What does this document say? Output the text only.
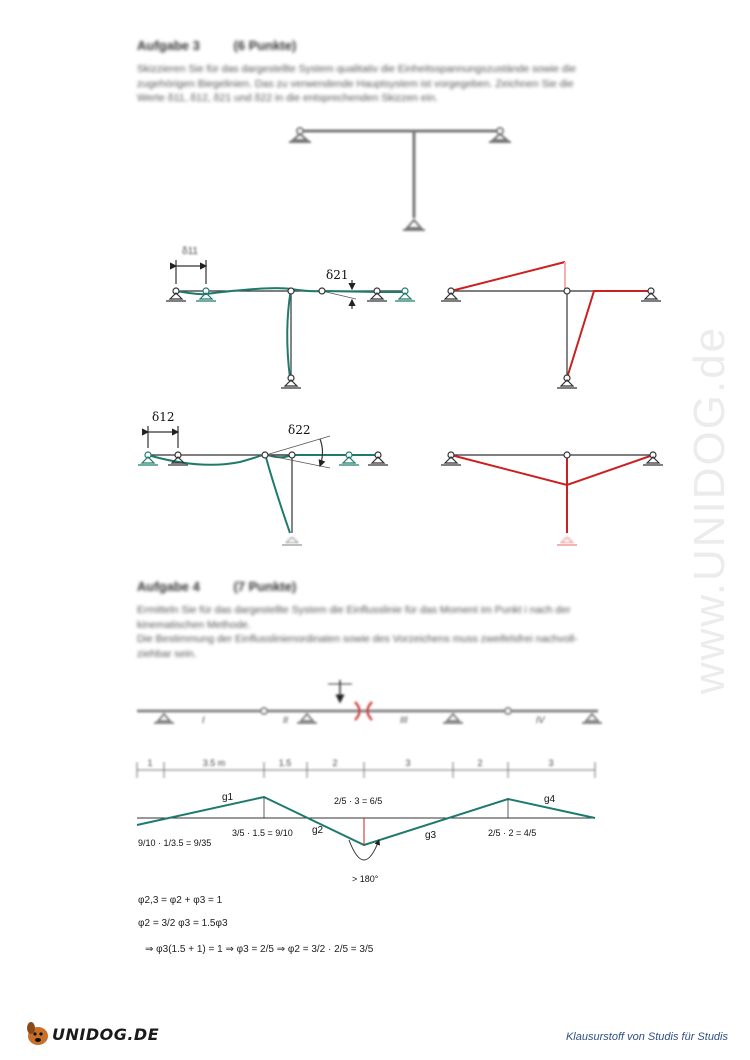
www.UNIDOG.de
Aufgabe 3	(6 Punkte)
Skizzieren Sie für das dargestellte System qualitativ die Einheitsspannungszustände sowie die
zugehörigen Biegelinien. Das zu verwendende Hauptsystem ist vorgegeben. Zeichnen Sie die
Werte δ11, δ12, δ21 und δ22 in die entsprechenden Skizzen ein.
Aufgabe 4	(7 Punkte)
Ermitteln Sie für das dargestellte System die Einflusslinie für das Moment im Punkt i nach der
kinematischen Methode.
Die Bestimmung der Einflusslinienordinaten sowie des Vorzeichens muss zweifelsfrei nachvoll-
ziehbar sein.
δ11
δ21
δ12
δ22
I	II	III	IV
1	3.5 m	1.5	2	3	2	3
g1
g2	g3
g4
2/5 · 3 = 6/5
3/5 · 1.5 = 9/10	2/5 · 2 = 4/5
9/10 · 1/3.5 = 9/35
> 180°
φ2,3 = φ2 + φ3 = 1
φ2 = 3/2 φ3 = 1.5φ3
⇒ φ3(1.5 + 1) = 1 ⇒ φ3 = 2/5 ⇒ φ2 = 3/2 · 2/5 = 3/5
UNIDOG.DE	Klausurstoff von Studis für Studis
